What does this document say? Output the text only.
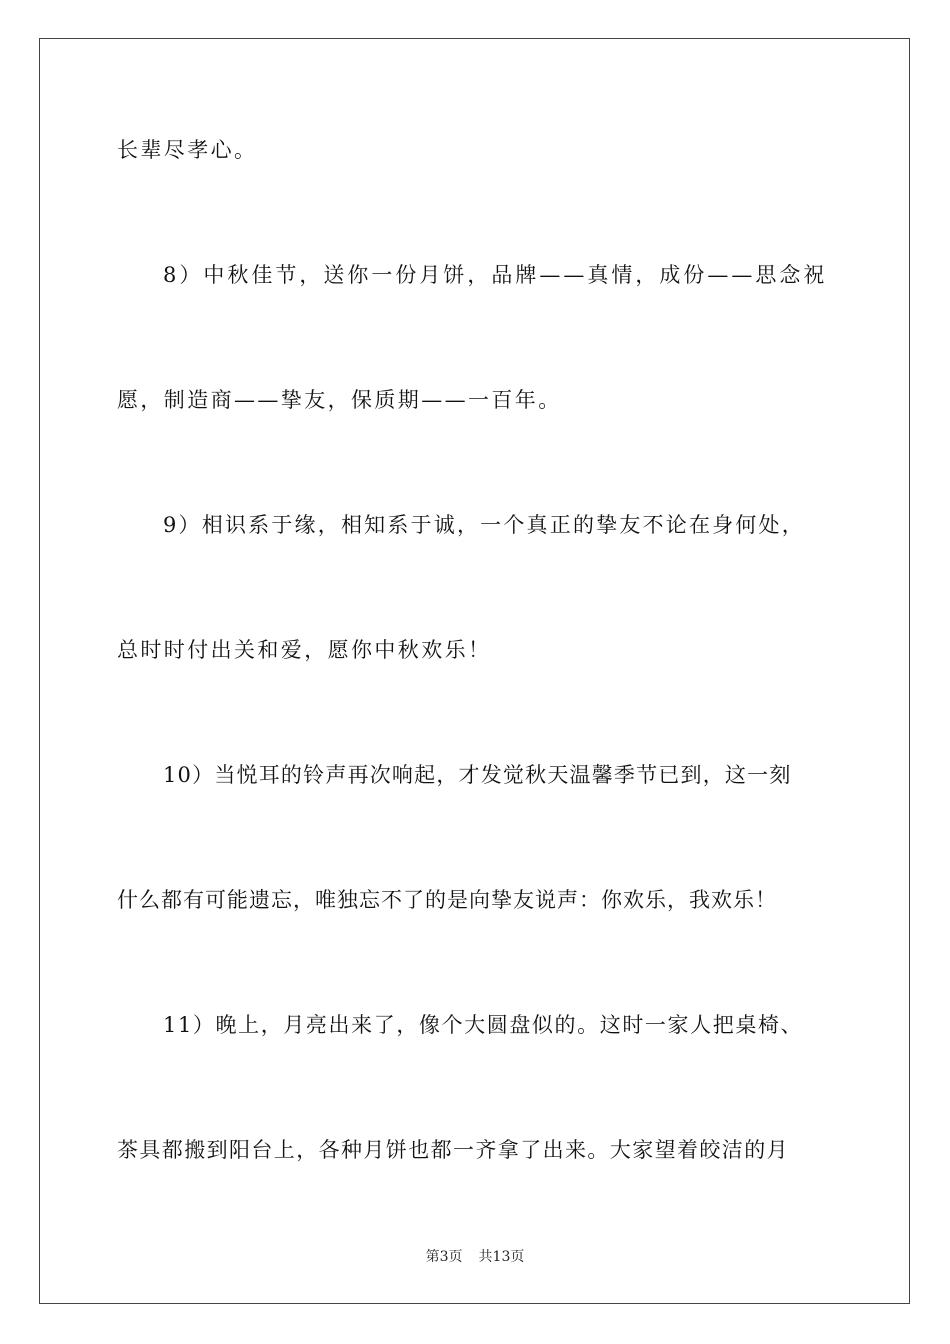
长辈尽孝心。
8）中秋佳节，送你一份月饼，品牌——真情，成份——思念祝
愿，制造商——挚友，保质期——一百年。
9）相识系于缘，相知系于诚，一个真正的挚友不论在身何处，
总时时付出关和爱，愿你中秋欢乐！
10）当悦耳的铃声再次响起，才发觉秋天温馨季节已到，这一刻
什么都有可能遗忘，唯独忘不了的是向挚友说声：你欢乐，我欢乐！
11）晚上，月亮出来了，像个大圆盘似的。这时一家人把桌椅、
茶具都搬到阳台上，各种月饼也都一齐拿了出来。大家望着皎洁的月
第3页 共13页
